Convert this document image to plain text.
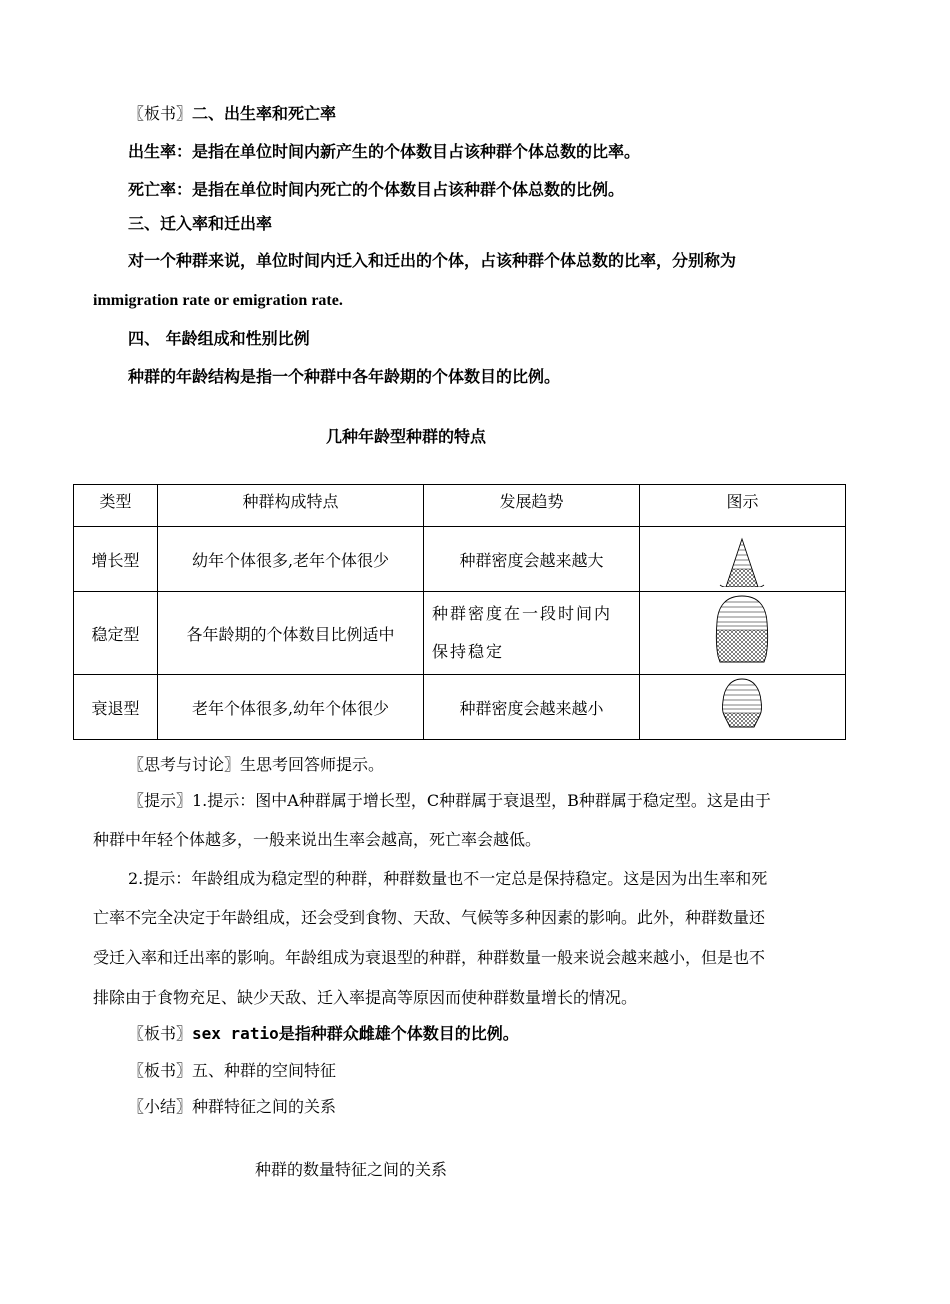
〖板书〗二、出生率和死亡率
出生率：是指在单位时间内新产生的个体数目占该种群个体总数的比率。
死亡率：是指在单位时间内死亡的个体数目占该种群个体总数的比例。
三、迁入率和迁出率
对一个种群来说，单位时间内迁入和迁出的个体，占该种群个体总数的比率，分别称为
immigration rate or emigration rate.
四、 年龄组成和性别比例
种群的年龄结构是指一个种群中各年龄期的个体数目的比例。
几种年龄型种群的特点
类型	种群构成特点	发展趋势	图示
增长型	幼年个体很多,老年个体很少	种群密度会越来越大	
稳定型	各年龄期的个体数目比例适中	种群密度在一段时间内
保持稳定

衰退型	老年个体很多,幼年个体很少	种群密度会越来越小	
〖思考与讨论〗生思考回答师提示。
〖提示〗1.提示：图中A种群属于增长型，C种群属于衰退型，B种群属于稳定型。这是由于
种群中年轻个体越多，一般来说出生率会越高，死亡率会越低。
2.提示：年龄组成为稳定型的种群，种群数量也不一定总是保持稳定。这是因为出生率和死
亡率不完全决定于年龄组成，还会受到食物、天敌、气候等多种因素的影响。此外，种群数量还
受迁入率和迁出率的影响。年龄组成为衰退型的种群，种群数量一般来说会越来越小，但是也不
排除由于食物充足、缺少天敌、迁入率提高等原因而使种群数量增长的情况。
〖板书〗sex ratio是指种群众雌雄个体数目的比例。
〖板书〗五、种群的空间特征
〖小结〗种群特征之间的关系
种群的数量特征之间的关系
